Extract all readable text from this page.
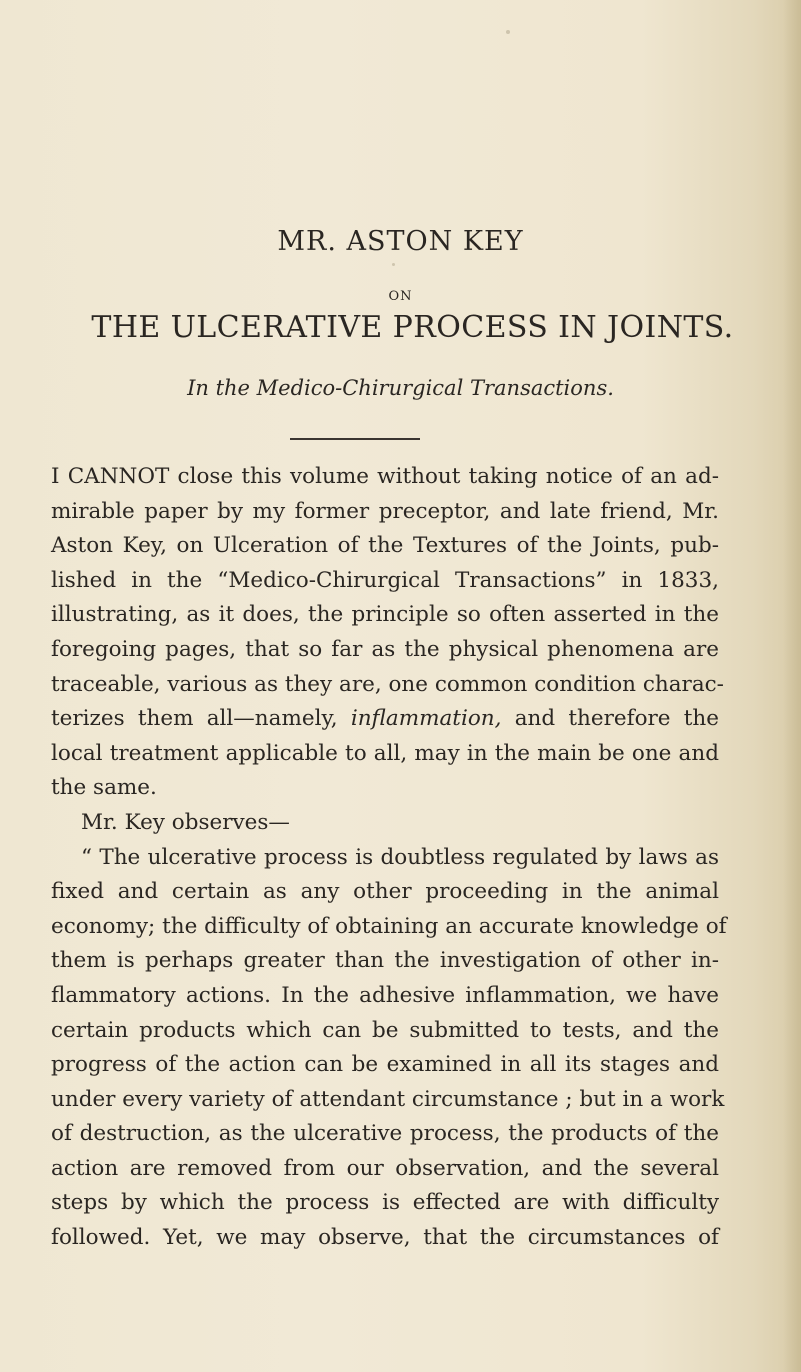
MR. ASTON KEY
ON
THE ULCERATIVE PROCESS IN JOINTS.
In the Medico-Chirurgical Transactions.
I CANNOT close this volume without taking notice of an ad-
mirable paper by my former preceptor, and late friend, Mr.
Aston Key, on Ulceration of the Textures of the Joints, pub-
lished in the “Medico-Chirurgical Transactions” in 1833,
illustrating, as it does, the principle so often asserted in the
foregoing pages, that so far as the physical phenomena are
traceable, various as they are, one common condition charac-
terizes them all—namely, inflammation, and therefore the
local treatment applicable to all, may in the main be one and
the same.
Mr. Key observes—
“ The ulcerative process is doubtless regulated by laws as
fixed and certain as any other proceeding in the animal
economy; the difficulty of obtaining an accurate knowledge of
them is perhaps greater than the investigation of other in-
flammatory actions. In the adhesive inflammation, we have
certain products which can be submitted to tests, and the
progress of the action can be examined in all its stages and
under every variety of attendant circumstance ; but in a work
of destruction, as the ulcerative process, the products of the
action are removed from our observation, and the several
steps by which the process is effected are with difficulty
followed. Yet, we may observe, that the circumstances of
